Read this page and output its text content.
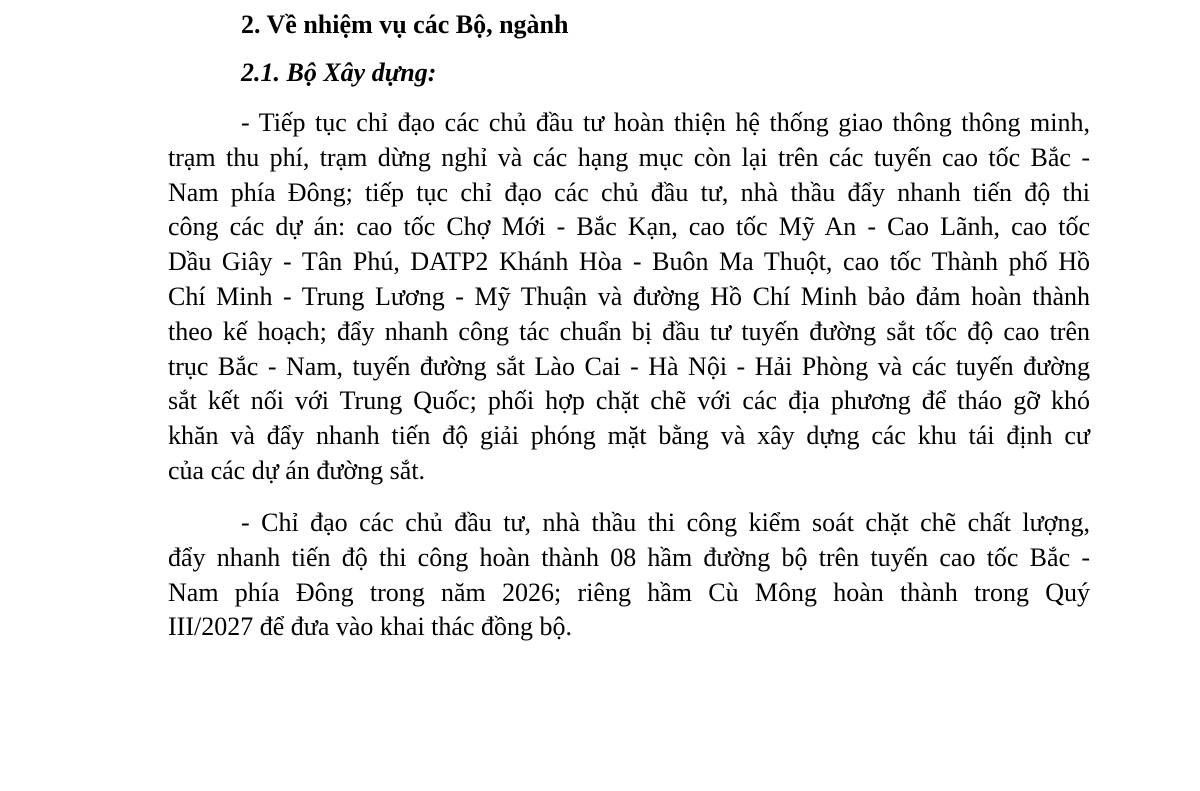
2. Về nhiệm vụ các Bộ, ngành
2.1. Bộ Xây dựng:

- Tiếp tục chỉ đạo các chủ đầu tư hoàn thiện hệ thống giao thông thông minh,
trạm thu phí, trạm dừng nghỉ và các hạng mục còn lại trên các tuyến cao tốc Bắc -
Nam phía Đông; tiếp tục chỉ đạo các chủ đầu tư, nhà thầu đẩy nhanh tiến độ thi
công các dự án: cao tốc Chợ Mới - Bắc Kạn, cao tốc Mỹ An - Cao Lãnh, cao tốc
Dầu Giây - Tân Phú, DATP2 Khánh Hòa - Buôn Ma Thuột, cao tốc Thành phố Hồ
Chí Minh - Trung Lương - Mỹ Thuận và đường Hồ Chí Minh bảo đảm hoàn thành
theo kế hoạch; đẩy nhanh công tác chuẩn bị đầu tư tuyến đường sắt tốc độ cao trên
trục Bắc - Nam, tuyến đường sắt Lào Cai - Hà Nội - Hải Phòng và các tuyến đường
sắt kết nối với Trung Quốc; phối hợp chặt chẽ với các địa phương để tháo gỡ khó
khăn và đẩy nhanh tiến độ giải phóng mặt bằng và xây dựng các khu tái định cư
của các dự án đường sắt.

- Chỉ đạo các chủ đầu tư, nhà thầu thi công kiểm soát chặt chẽ chất lượng,
đẩy nhanh tiến độ thi công hoàn thành 08 hầm đường bộ trên tuyến cao tốc Bắc -
Nam phía Đông trong năm 2026; riêng hầm Cù Mông hoàn thành trong Quý
III/2027 để đưa vào khai thác đồng bộ.
